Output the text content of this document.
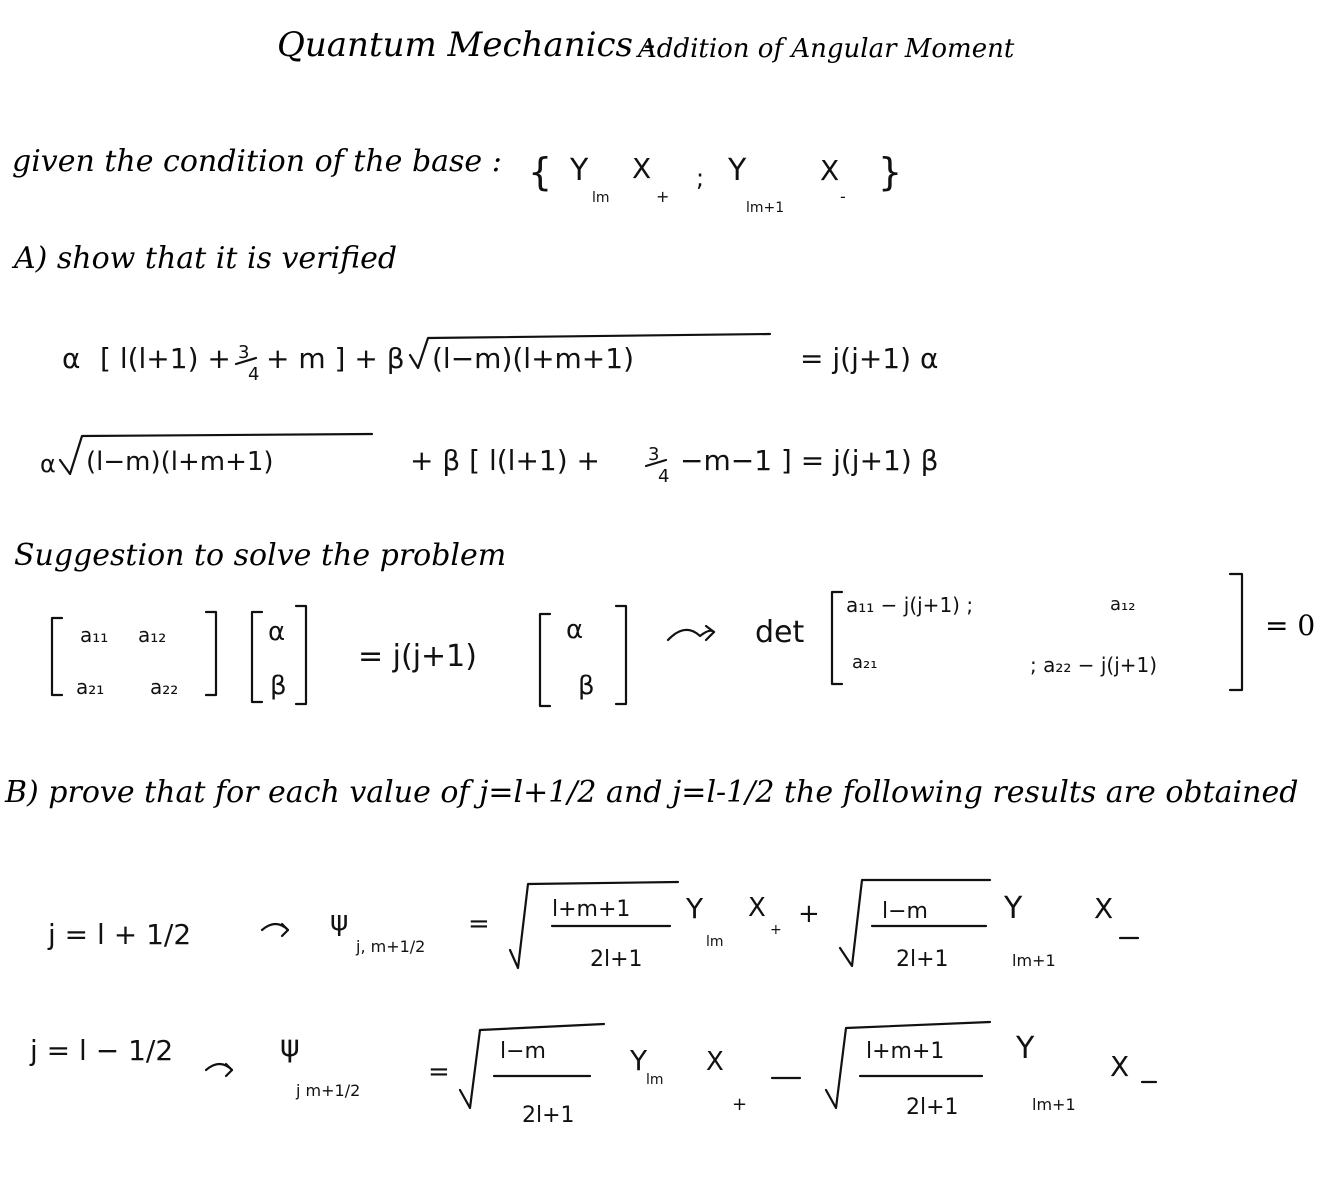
Quantum Mechanics -
Addition of Angular Moment
given the condition of the base :
A) show that it is verified
Suggestion to solve the problem
= 0
B) prove that for each value of j=l+1/2 and j=l-1/2 the following results are obtained
{ Y
lm
X
+
; Y
lm+1
X
-
}
α [ l(l+1) + 3
4 + m ] + β (l−m)(l+m+1)	= j(j+1) α
α (l−m)(l+m+1)	+ β [ l(l+1) +	3
4 −m−1 ] = j(j+1) β
a₁₁ a₁₂
a₂₁ a₂₂
α
β
= j(j+1)
α
β
det
a₁₁ − j(j+1) ;	a₁₂
a₂₁	; a₂₂ − j(j+1)
j = l + 1/2	ψ
j, m+1/2
=	l+m+1
2l+1
Y
lm
X
+
+	l−m
2l+1
Y
lm+1
X
j = l − 1/2	ψ
j m+1/2
=
l−m
2l+1
Y
lm
X
+
l+m+1
2l+1
Y
lm+1
X
